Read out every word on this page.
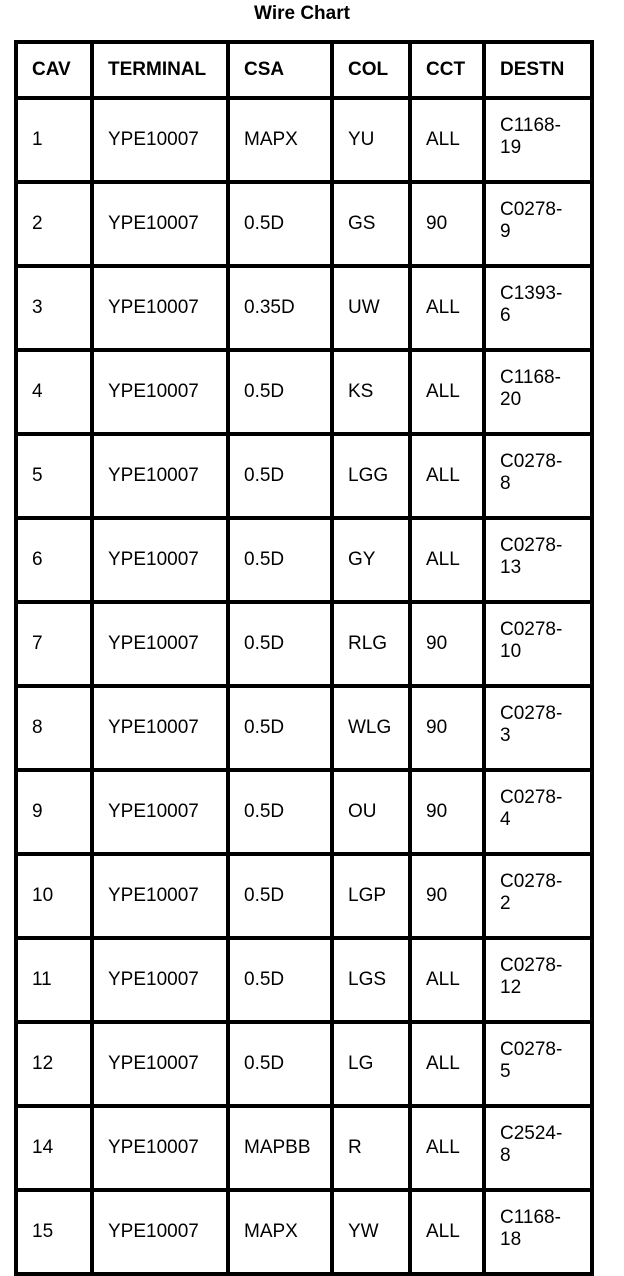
Wire Chart
CAV	TERMINAL	CSA	COL	CCT	DESTN
1	YPE10007	MAPX	YU	ALL	C1168-
19

2	YPE10007	0.5D	GS	90	C0278-
9

3	YPE10007	0.35D	UW	ALL	C1393-
6

4	YPE10007	0.5D	KS	ALL	C1168-
20

5	YPE10007	0.5D	LGG	ALL	C0278-
8

6	YPE10007	0.5D	GY	ALL	C0278-
13

7	YPE10007	0.5D	RLG	90	C0278-
10

8	YPE10007	0.5D	WLG	90	C0278-
3

9	YPE10007	0.5D	OU	90	C0278-
4

10	YPE10007	0.5D	LGP	90	C0278-
2

11	YPE10007	0.5D	LGS	ALL	C0278-
12

12	YPE10007	0.5D	LG	ALL	C0278-
5

14	YPE10007	MAPBB	R	ALL	C2524-
8

15	YPE10007	MAPX	YW	ALL	C1168-
18
